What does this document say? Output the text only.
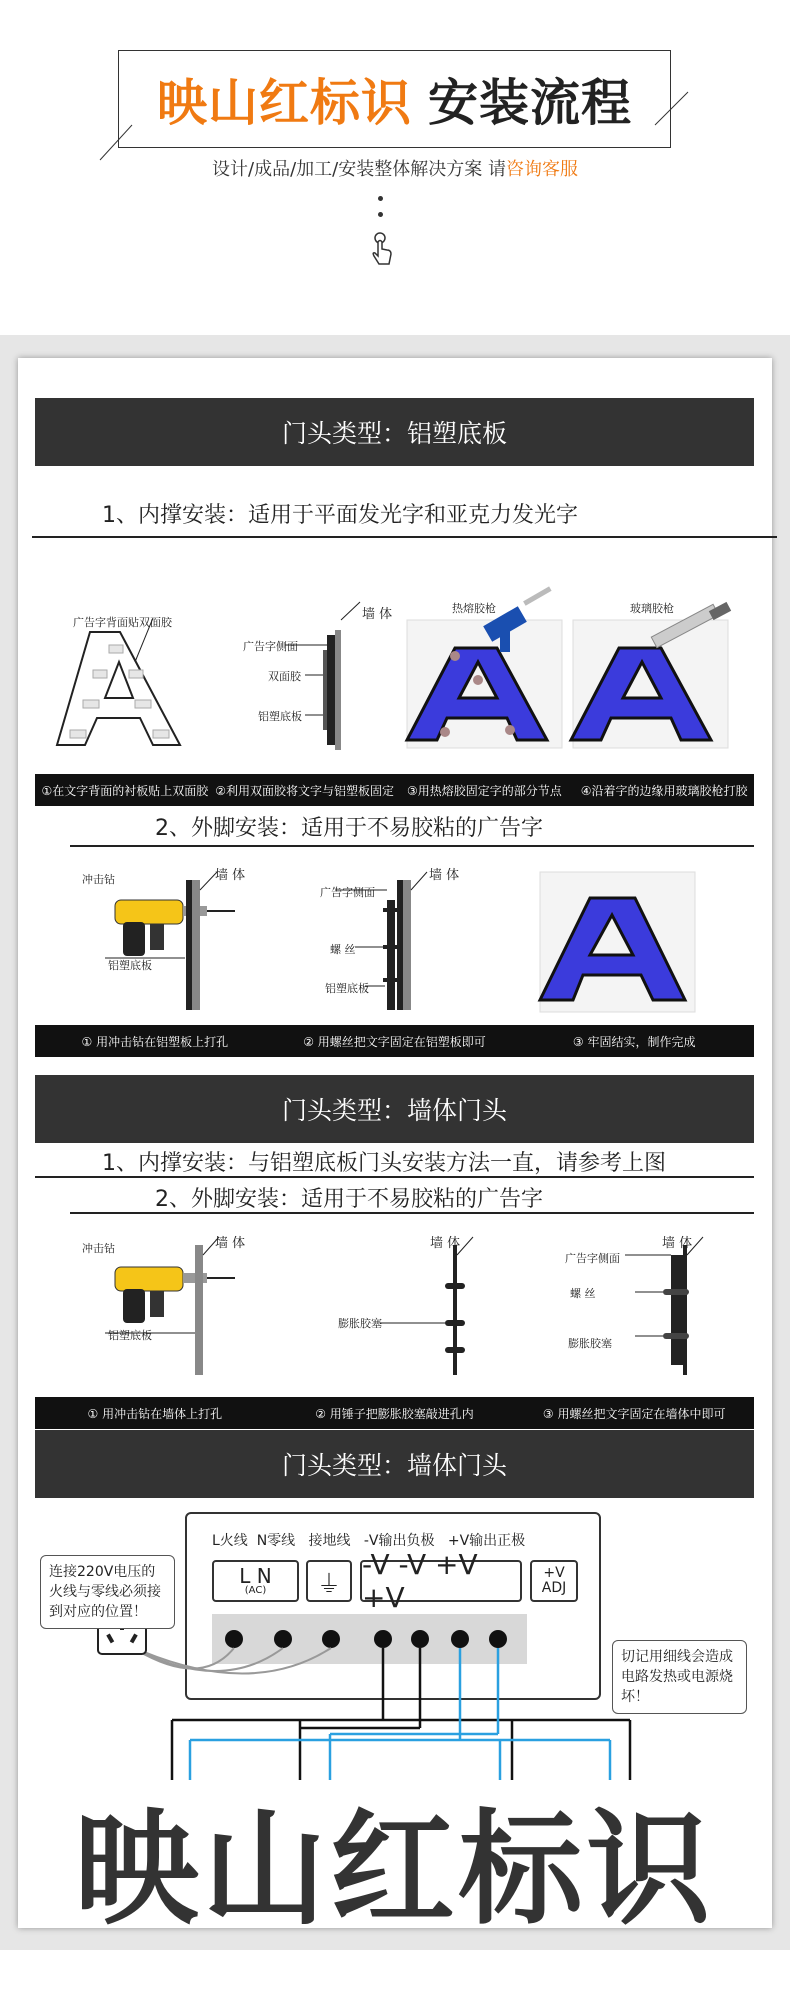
映山红标识 安装流程
设计/成品/加工/安装整体解决方案 请咨询客服
门头类型：铝塑底板
1、内撑安装：适用于平面发光字和亚克力发光字
广告字背面贴双面胶
墙 体
广告字侧面
双面胶
铝塑底板
热熔胶枪	玻璃胶枪
①在文字背面的衬板贴上双面胶 ②利用双面胶将文字与铝塑板固定	③用热熔胶固定字的部分节点	④沿着字的边缘用玻璃胶枪打胶
2、外脚安装：适用于不易胶粘的广告字
冲击钻	墙 体
铝塑底板
广告字侧面
墙 体
螺 丝
铝塑底板
① 用冲击钻在铝塑板上打孔	② 用螺丝把文字固定在铝塑板即可	③ 牢固结实，制作完成
门头类型：墙体门头
1、内撑安装：与铝塑底板门头安装方法一直，请参考上图
2、外脚安装：适用于不易胶粘的广告字
冲击钻	墙 体
铝塑底板
墙 体
膨胀胶塞
广告字侧面
墙 体
螺 丝
膨胀胶塞
① 用冲击钻在墙体上打孔	② 用锤子把膨胀胶塞敲进孔内	③ 用螺丝把文字固定在墙体中即可
门头类型：墙体门头
L火线  N零线   接地线   -V输出负极   +V输出正极
L N
(AC) ⏚
-V -V +V +V
+V
ADJ
连接220V电压的火线与零线必须接到对应的位置！
切记用细线会造成电路发热或电源烧坏！
映山红标识
